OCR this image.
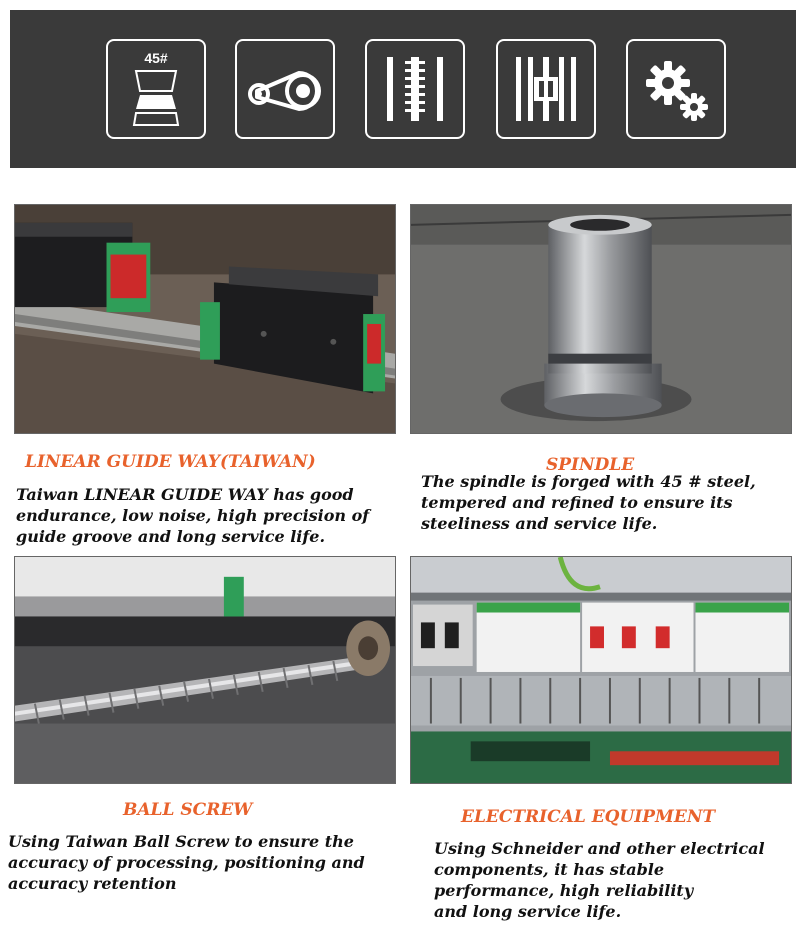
45#
LINEAR GUIDE WAY(TAIWAN)	SPINDLE
Taiwan LINEAR GUIDE WAY has good
endurance, low noise, high precision of
guide groove and long service life.
The spindle is forged with 45 # steel,
tempered and refined to ensure its
steeliness and service life.
BALL SCREW	ELECTRICAL EQUIPMENT
Using Taiwan Ball Screw to ensure the
accuracy of processing, positioning and
accuracy retention
Using Schneider and other electrical
components, it has stable
performance, high reliability
and long service life.
